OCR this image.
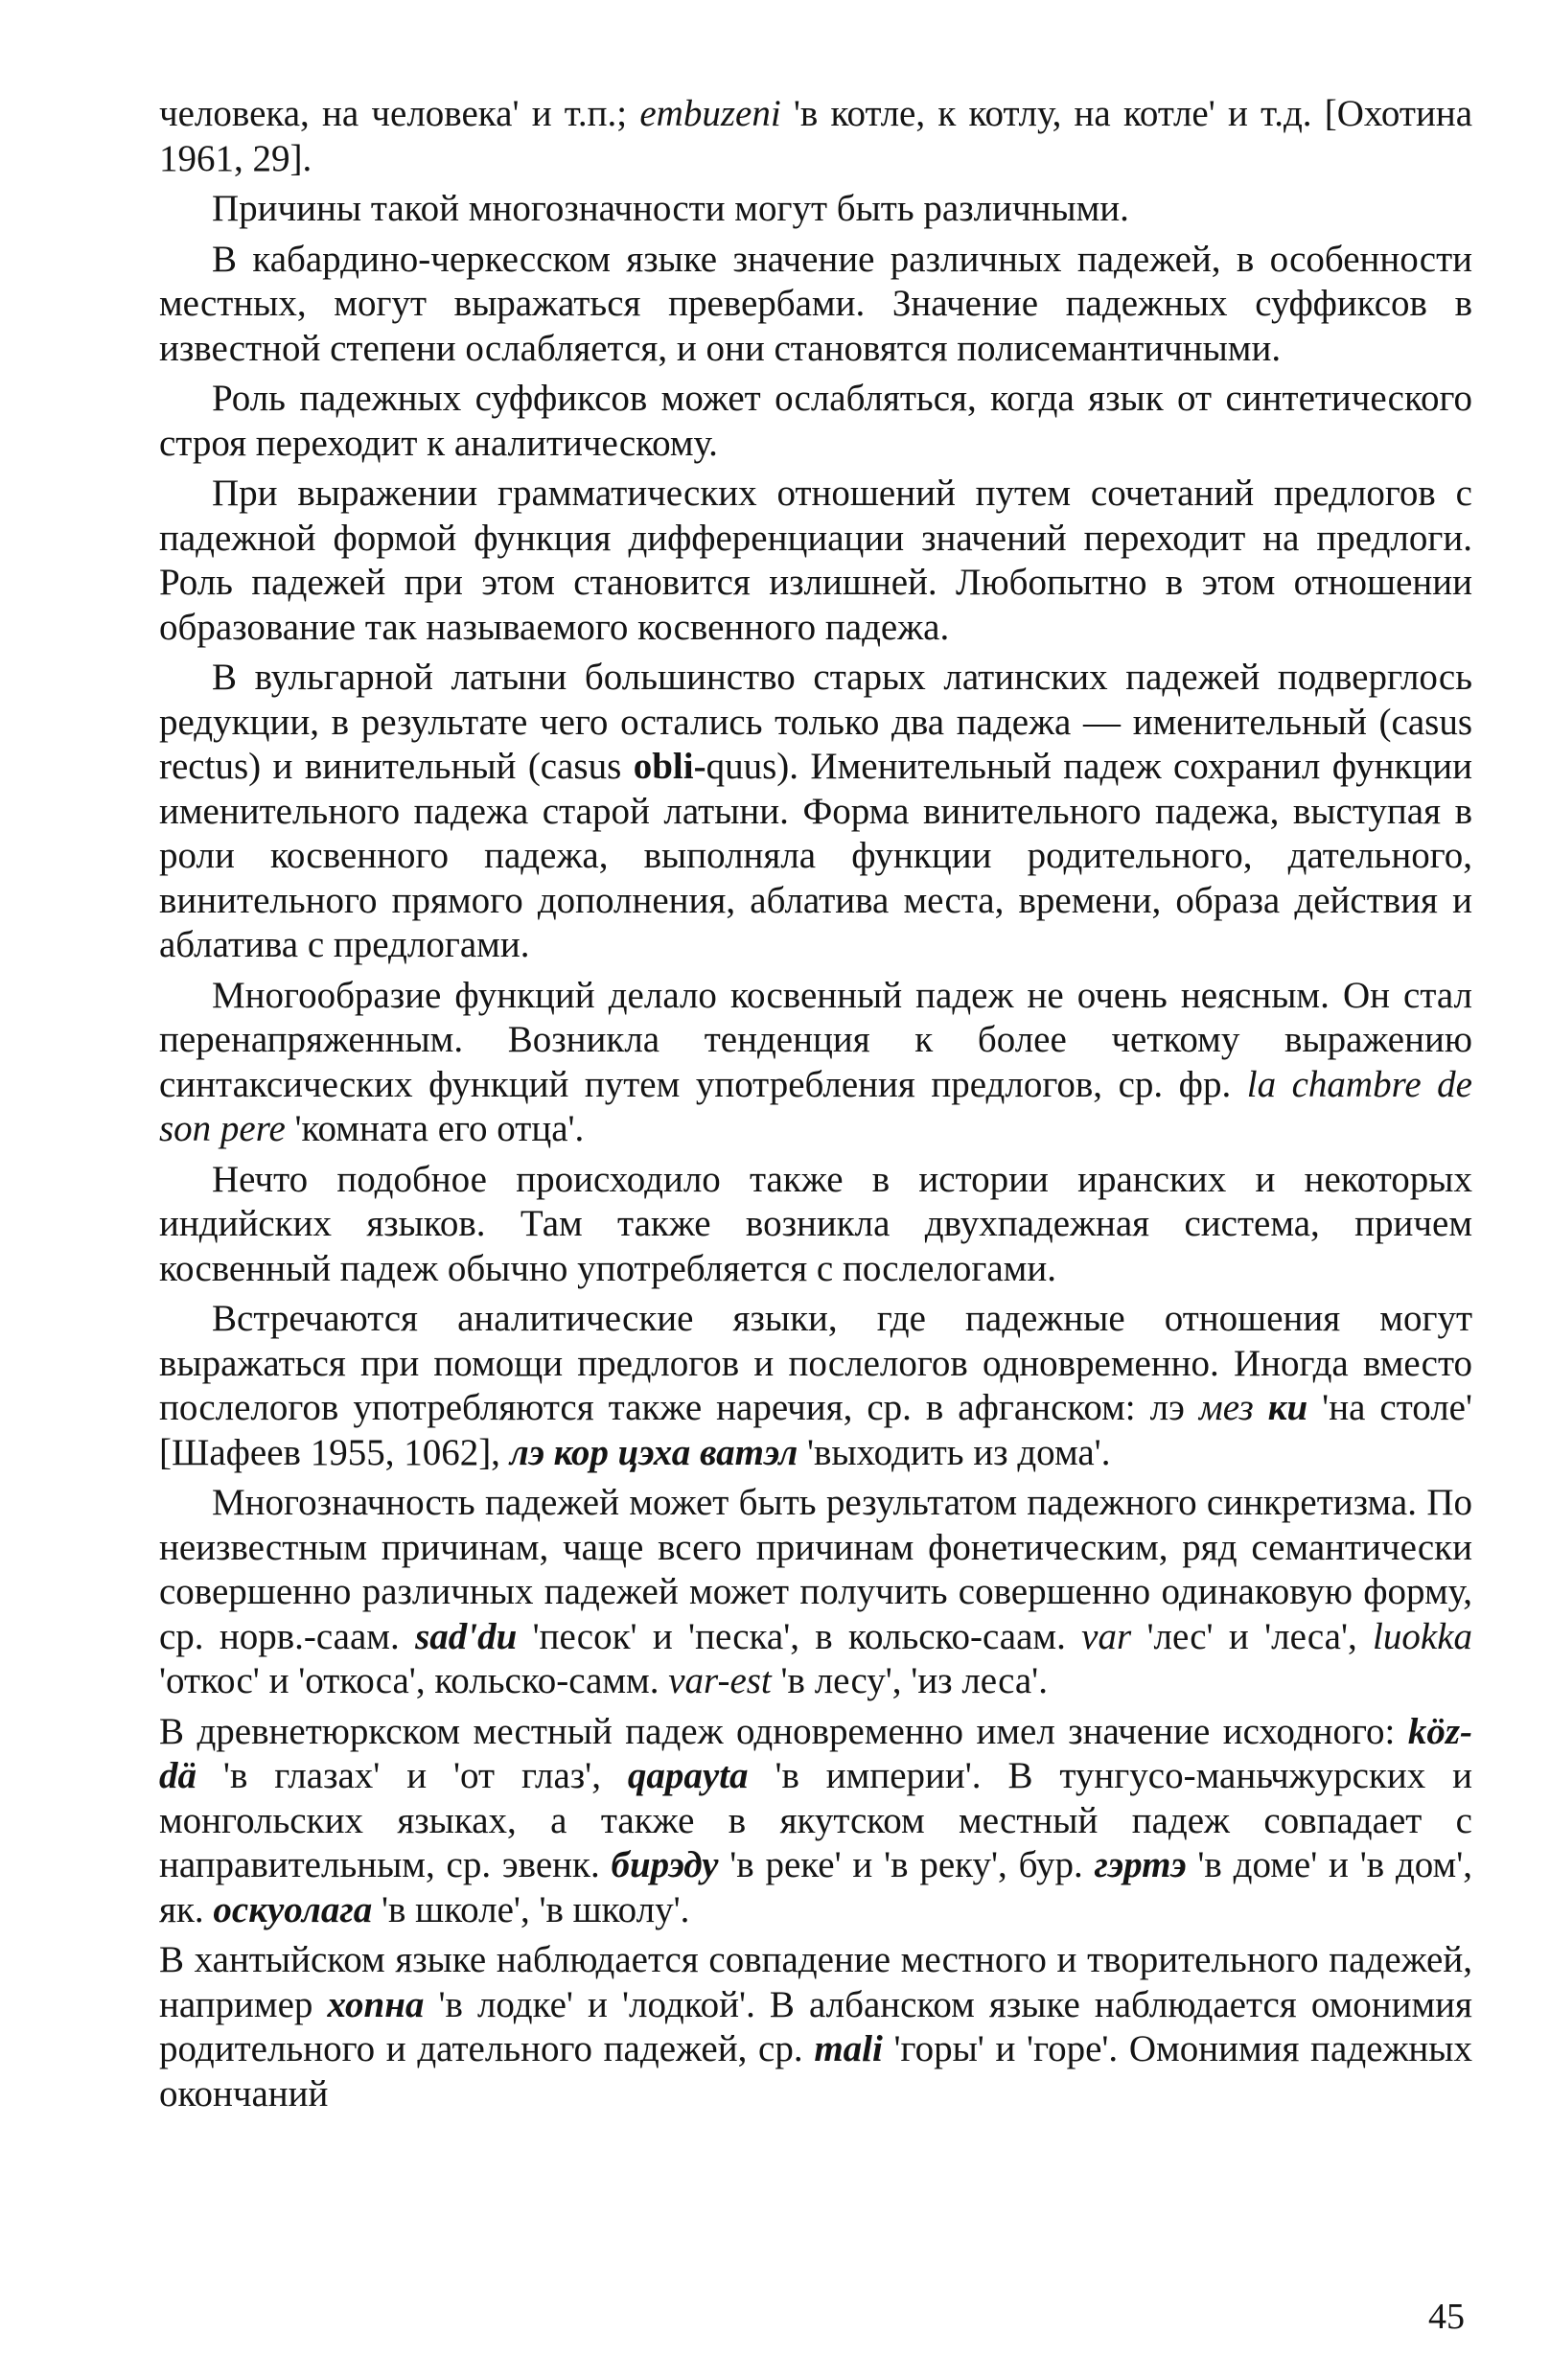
человека, на человека' и т.п.; embuzeni 'в котле, к котлу, на котле' и т.д. [Охотина 1961, 29].

Причины такой многозначности могут быть различными.

В кабардино-черкесском языке значение различных падежей, в особенности местных, могут выражаться превербами. Значение падежных суффиксов в известной степени ослабляется, и они становятся полисемантичными.

Роль падежных суффиксов может ослабляться, когда язык от синтетического строя переходит к аналитическому.

При выражении грамматических отношений путем сочетаний предлогов с падежной формой функция дифференциации значений переходит на предлоги. Роль падежей при этом становится излишней. Любопытно в этом отношении образование так называемого косвенного падежа.

В вульгарной латыни большинство старых латинских падежей подверглось редукции, в результате чего остались только два падежа — именительный (casus rectus) и винительный (casus obli-quus). Именительный падеж сохранил функции именительного падежа старой латыни. Форма винительного падежа, выступая в роли косвенного падежа, выполняла функции родительного, дательного, винительного прямого дополнения, аблатива места, времени, образа действия и аблатива с предлогами.

Многообразие функций делало косвенный падеж не очень неясным. Он стал перенапряженным. Возникла тенденция к более четкому выражению синтаксических функций путем употребления предлогов, ср. фр. la chambre de son pere 'комната его отца'.

Нечто подобное происходило также в истории иранских и некоторых индийских языков. Там также возникла двухпадежная система, причем косвенный падеж обычно употребляется с послелогами.

Встречаются аналитические языки, где падежные отношения могут выражаться при помощи предлогов и послелогов одновременно. Иногда вместо послелогов употребляются также наречия, ср. в афганском: лэ мез ки 'на столе' [Шафеев 1955, 1062], лэ кор цэха ватэл 'выходить из дома'.

Многозначность падежей может быть результатом падежного синкретизма. По неизвестным причинам, чаще всего причинам фонетическим, ряд семантически совершенно различных падежей может получить совершенно одинаковую форму, ср. норв.-саам. sad'du 'песок' и 'песка', в кольско-саам. var 'лес' и 'леса', luokka 'откос' и 'откоса', кольско-самм. var-est 'в лесу', 'из леса'.

В древнетюркском местный падеж одновременно имел значение исходного: köz-dä 'в глазах' и 'от глаз', qapayta 'в империи'. В тунгусо-маньчжурских и монгольских языках, а также в якутском местный падеж совпадает с направительным, ср. эвенк. бирэду 'в реке' и 'в реку', бур. гэртэ 'в доме' и 'в дом', як. оскуолага 'в школе', 'в школу'.

В хантыйском языке наблюдается совпадение местного и творительного падежей, например хопна 'в лодке' и 'лодкой'. В албанском языке наблюдается омонимия родительного и дательного падежей, ср. mali 'горы' и 'горе'. Омонимия падежных окончаний

45
